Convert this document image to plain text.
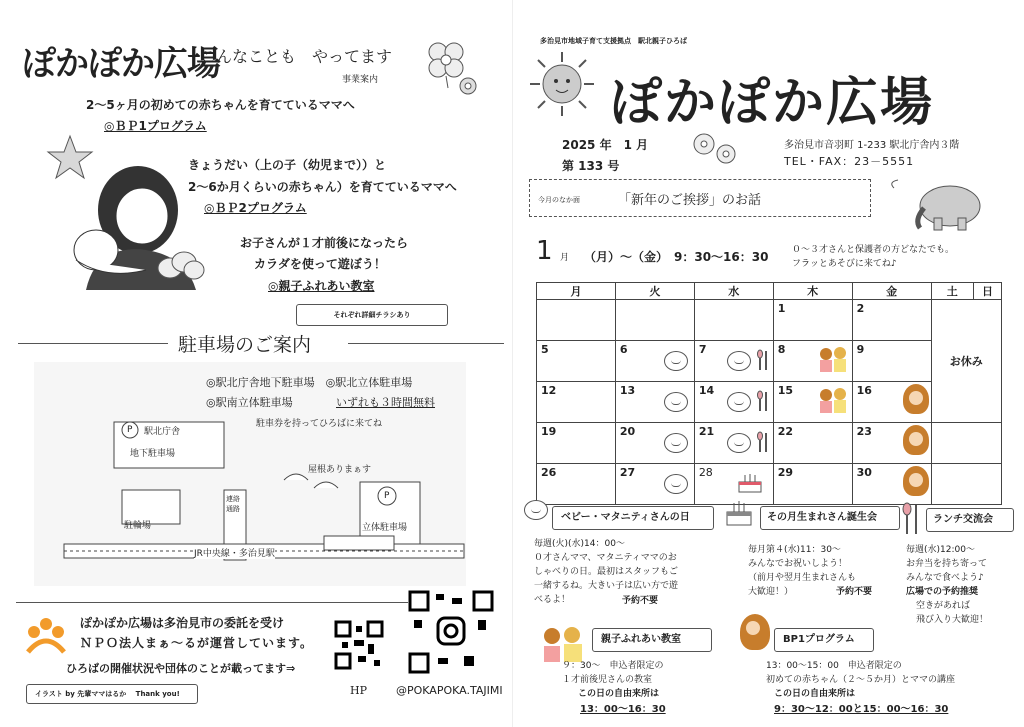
ぽかぽか広場
こんなことも　やってます
事業案内
2～5ヶ月の初めての赤ちゃんを育てているママへ
◎ＢＰ1プログラム
きょうだい（上の子（幼児まで））と
2～6か月くらいの赤ちゃん）を育てているママへ
◎ＢＰ2プログラム
お子さんが１才前後になったら
カラダを使って遊ぼう！
◎親子ふれあい教室
それぞれ詳細チラシあり
駐車場のご案内
◎駅北庁舎地下駐車場　◎駅北立体駐車場
◎駅南立体駐車場	いずれも３時間無料
駐車券を持ってひろばに来てね
駅北庁舎
P
地下駐車場
駐輪場
連絡通路
屋根ありまぁす
P
立体駐車場
JR中央線・多治見駅
ぽかぽか広場は多治見市の委託を受け
ＮＰＯ法人まぁ～るが運営しています。
ひろばの開催状況や団体のことが載ってます⇒
イラスト by 先輩ママはるか　 Thank you!	HP	@POKAPOKA.TAJIMI
多治見市地域子育て支援拠点　駅北親子ひろば
ぽかぽか広場
2025 年　1 月
第 133 号
多治見市音羽町 1-233 駅北庁舎内３階
TEL・FAX：23－5551
今月のなか面	「新年のご挨拶」のお話
1 月 （月）～（金）　9：30～16：30	０～３才さんと保護者の方どなたでも。
フラッとあそびに来てね♪
月	火	水	木	金	土	日
			1	2	お休み	
5	6	7	8	9		
12	13	14	15	16		

19	20	21	22	23	

26	27	28	29	30	

ベビー・マタニティさんの日
毎週(火)(水)14：00～
０才さんママ、マタニティママのお
しゃべりの日。最初はスタッフもご
一緒するね。大きい子は広い方で遊
べるよ！	予約不要
その月生まれさん誕生会
毎月第４(水)11：30～
みんなでお祝いしよう！
（前月や翌月生まれさんも
大歓迎！）	予約不要
ランチ交流会
毎週(水)12:00～
お弁当を持ち寄って
みんなで食べよう♪
広場での予約推奨
空きがあれば
飛び入り大歓迎！
親子ふれあい教室
９：30～　申込者限定の
１才前後児さんの教室
この日の自由来所は
13：00～16：30
BP1プログラム
13：00～15：00　申込者限定の
初めての赤ちゃん（２～５か月）とママの講座
この日の自由来所は
9：30～12：00と15：00～16：30
